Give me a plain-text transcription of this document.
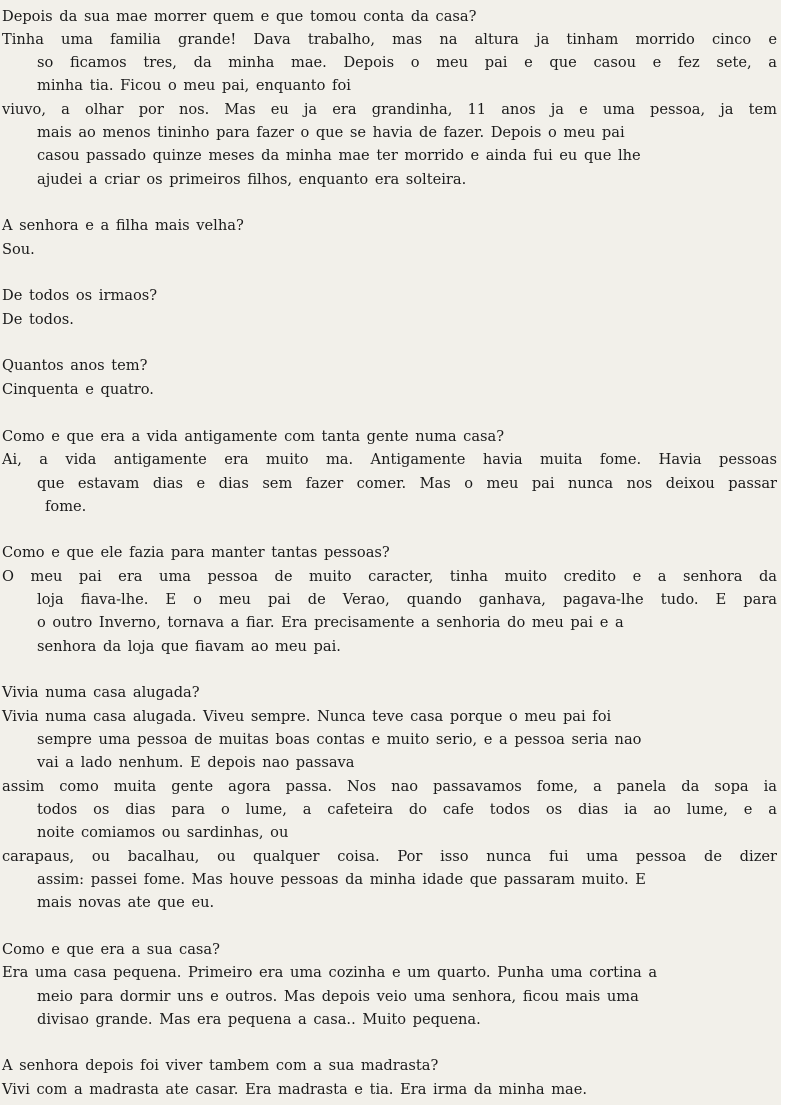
Depois da sua mae morrer quem e que tomou conta da casa?
Tinha uma familia grande! Dava trabalho, mas na altura ja tinham morrido cinco e
so ficamos tres, da minha mae. Depois o meu pai e que casou e fez sete, a
minha tia. Ficou o meu pai, enquanto foi
viuvo, a olhar por nos. Mas eu ja era grandinha, 11 anos ja e uma pessoa, ja tem
mais ao menos tininho para fazer o que se havia de fazer. Depois o meu pai
casou passado quinze meses da minha mae ter morrido e ainda fui eu que lhe
ajudei a criar os primeiros filhos, enquanto era solteira.
A senhora e a filha mais velha?
Sou.
De todos os irmaos?
De todos.
Quantos anos tem?
Cinquenta e quatro.
Como e que era a vida antigamente com tanta gente numa casa?
Ai, a vida antigamente era muito ma. Antigamente havia muita fome. Havia pessoas
que estavam dias e dias sem fazer comer. Mas o meu pai nunca nos deixou passar
fome.
Como e que ele fazia para manter tantas pessoas?
O meu pai era uma pessoa de muito caracter, tinha muito credito e a senhora da
loja fiava-lhe. E o meu pai de Verao, quando ganhava, pagava-lhe tudo. E para
o outro Inverno, tornava a fiar. Era precisamente a senhoria do meu pai e a
senhora da loja que fiavam ao meu pai.
Vivia numa casa alugada?
Vivia numa casa alugada. Viveu sempre. Nunca teve casa porque o meu pai foi
sempre uma pessoa de muitas boas contas e muito serio, e a pessoa seria nao
vai a lado nenhum. E depois nao passava
assim como muita gente agora passa. Nos nao passavamos fome, a panela da sopa ia
todos os dias para o lume, a cafeteira do cafe todos os dias ia ao lume, e a
noite comiamos ou sardinhas, ou
carapaus, ou bacalhau, ou qualquer coisa. Por isso nunca fui uma pessoa de dizer
assim: passei fome. Mas houve pessoas da minha idade que passaram muito. E
mais novas ate que eu.
Como e que era a sua casa?
Era uma casa pequena. Primeiro era uma cozinha e um quarto. Punha uma cortina a
meio para dormir uns e outros. Mas depois veio uma senhora, ficou mais uma
divisao grande. Mas era pequena a casa.. Muito pequena.
A senhora depois foi viver tambem com a sua madrasta?
Vivi com a madrasta ate casar. Era madrasta e tia. Era irma da minha mae.
